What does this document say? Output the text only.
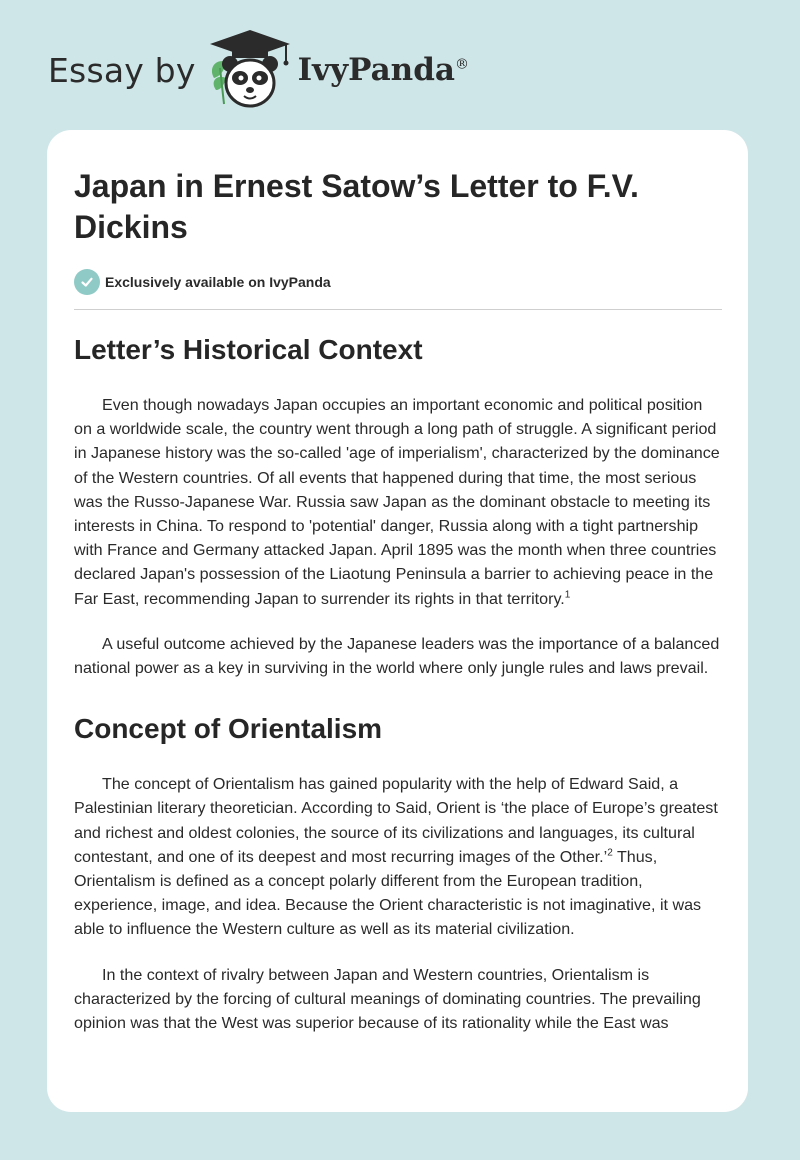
Essay by	IvyPanda®
Japan in Ernest Satow’s Letter to F.V. Dickins
Exclusively available on IvyPanda
Letter’s Historical Context

Even though nowadays Japan occupies an important economic and political position on a worldwide scale, the country went through a long path of struggle. A significant period in Japanese history was the so-called 'age of imperialism', characterized by the dominance of the Western countries. Of all events that happened during that time, the most serious was the Russo-Japanese War. Russia saw Japan as the dominant obstacle to meeting its interests in China. To respond to 'potential' danger, Russia along with a tight partnership with France and Germany attacked Japan. April 1895 was the month when three countries declared Japan's possession of the Liaotung Peninsula a barrier to achieving peace in the Far East, recommending Japan to surrender its rights in that territory.$^1$

A useful outcome achieved by the Japanese leaders was the importance of a balanced national power as a key in surviving in the world where only jungle rules and laws prevail.

Concept of Orientalism

The concept of Orientalism has gained popularity with the help of Edward Said, a Palestinian literary theoretician. According to Said, Orient is ‘the place of Europe’s greatest and richest and oldest colonies, the source of its civilizations and languages, its cultural contestant, and one of its deepest and most recurring images of the Other.’$^2$ Thus, Orientalism is defined as a concept polarly different from the European tradition, experience, image, and idea. Because the Orient characteristic is not imaginative, it was able to influence the Western culture as well as its material civilization.

In the context of rivalry between Japan and Western countries, Orientalism is characterized by the forcing of cultural meanings of dominating countries. The prevailing opinion was that the West was superior because of its rationality while the East was
